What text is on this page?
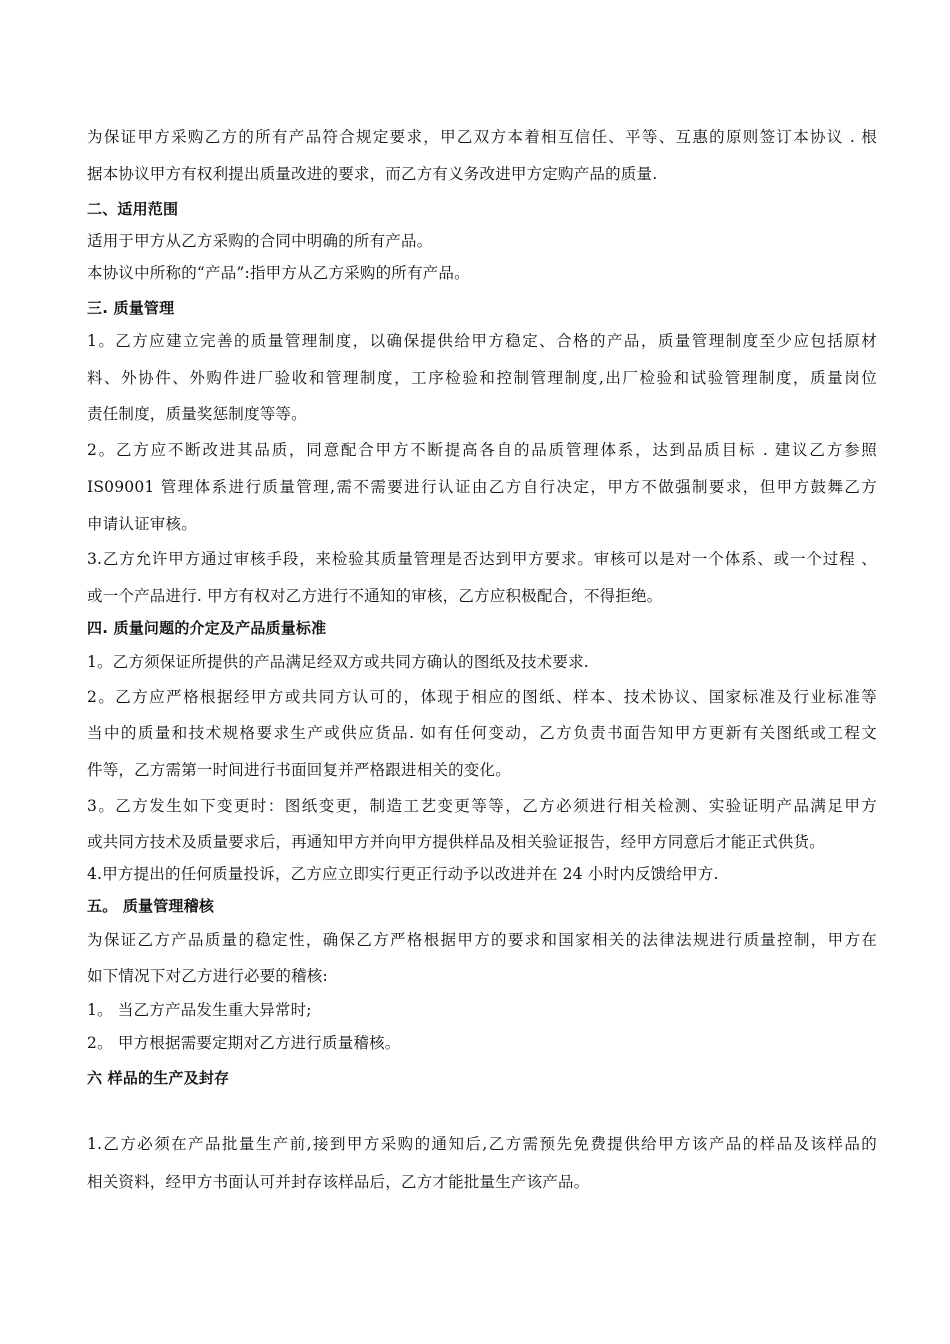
为保证甲方采购乙方的所有产品符合规定要求，甲乙双方本着相互信任、平等、互惠的原则签订本协议 . 根
据本协议甲方有权利提出质量改进的要求，而乙方有义务改进甲方定购产品的质量.
二、适用范围
适用于甲方从乙方采购的合同中明确的所有产品。
本协议中所称的“产品”:指甲方从乙方采购的所有产品。
三. 质量管理
1。乙方应建立完善的质量管理制度，以确保提供给甲方稳定、合格的产品，质量管理制度至少应包括原材
料、外协件、外购件进厂验收和管理制度，工序检验和控制管理制度,出厂检验和试验管理制度，质量岗位
责任制度，质量奖惩制度等等。
2。乙方应不断改进其品质，同意配合甲方不断提高各自的品质管理体系，达到品质目标 . 建议乙方参照
IS09001 管理体系进行质量管理,需不需要进行认证由乙方自行决定，甲方不做强制要求，但甲方鼓舞乙方
申请认证审核。
3.乙方允许甲方通过审核手段，来检验其质量管理是否达到甲方要求。审核可以是对一个体系、或一个过程 、
或一个产品进行. 甲方有权对乙方进行不通知的审核，乙方应积极配合，不得拒绝。
四. 质量问题的介定及产品质量标准
1。乙方须保证所提供的产品满足经双方或共同方确认的图纸及技术要求.
2。乙方应严格根据经甲方或共同方认可的，体现于相应的图纸、样本、技术协议、国家标准及行业标准等
当中的质量和技术规格要求生产或供应货品. 如有任何变动，乙方负责书面告知甲方更新有关图纸或工程文
件等，乙方需第一时间进行书面回复并严格跟进相关的变化。
3。乙方发生如下变更时：图纸变更，制造工艺变更等等，乙方必须进行相关检测、实验证明产品满足甲方
或共同方技术及质量要求后，再通知甲方并向甲方提供样品及相关验证报告，经甲方同意后才能正式供货。
4.甲方提出的任何质量投诉，乙方应立即实行更正行动予以改进并在 24 小时内反馈给甲方.
五。 质量管理稽核
为保证乙方产品质量的稳定性，确保乙方严格根据甲方的要求和国家相关的法律法规进行质量控制，甲方在
如下情况下对乙方进行必要的稽核:
1。 当乙方产品发生重大异常时;
2。 甲方根据需要定期对乙方进行质量稽核。
六 样品的生产及封存
1.乙方必须在产品批量生产前,接到甲方采购的通知后,乙方需预先免费提供给甲方该产品的样品及该样品的
相关资料，经甲方书面认可并封存该样品后，乙方才能批量生产该产品。
